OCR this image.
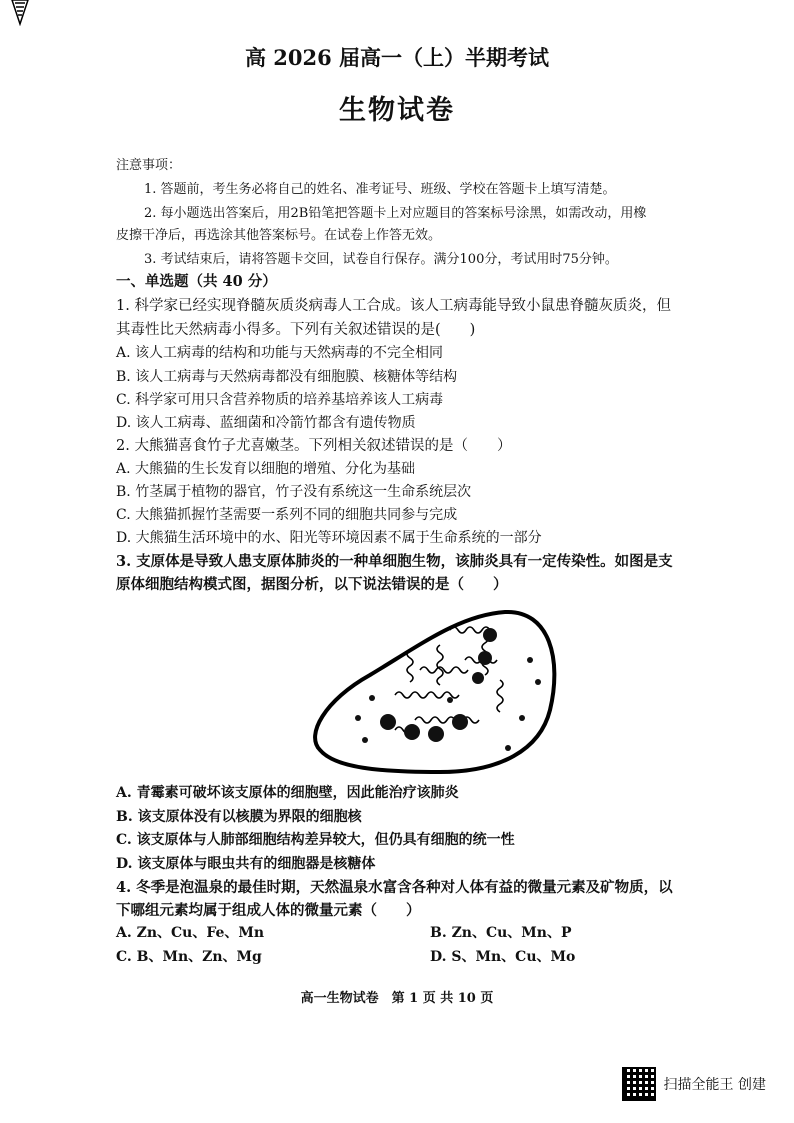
高 2026 届高一（上）半期考试
生物试卷
注意事项：
1. 答题前，考生务必将自己的姓名、准考证号、班级、学校在答题卡上填写清楚。
2. 每小题选出答案后，用2B铅笔把答题卡上对应题目的答案标号涂黑，如需改动，用橡
皮擦干净后，再选涂其他答案标号。在试卷上作答无效。
3. 考试结束后，请将答题卡交回，试卷自行保存。满分100分，考试用时75分钟。
一、单选题（共 40 分）
1. 科学家已经实现脊髓灰质炎病毒人工合成。该人工病毒能导致小鼠患脊髓灰质炎，但
其毒性比天然病毒小得多。下列有关叙述错误的是(　　)
A. 该人工病毒的结构和功能与天然病毒的不完全相同
B. 该人工病毒与天然病毒都没有细胞膜、核糖体等结构
C. 科学家可用只含营养物质的培养基培养该人工病毒
D. 该人工病毒、蓝细菌和冷箭竹都含有遗传物质
2. 大熊猫喜食竹子尤喜嫩茎。下列相关叙述错误的是（　　）
A. 大熊猫的生长发育以细胞的增殖、分化为基础
B. 竹茎属于植物的器官，竹子没有系统这一生命系统层次
C. 大熊猫抓握竹茎需要一系列不同的细胞共同参与完成
D. 大熊猫生活环境中的水、阳光等环境因素不属于生命系统的一部分
3. 支原体是导致人患支原体肺炎的一种单细胞生物，该肺炎具有一定传染性。如图是支
原体细胞结构模式图，据图分析，以下说法错误的是（　　）
A. 青霉素可破坏该支原体的细胞壁，因此能治疗该肺炎
B. 该支原体没有以核膜为界限的细胞核
C. 该支原体与人肺部细胞结构差异较大，但仍具有细胞的统一性
D. 该支原体与眼虫共有的细胞器是核糖体
4. 冬季是泡温泉的最佳时期，天然温泉水富含各种对人体有益的微量元素及矿物质，以
下哪组元素均属于组成人体的微量元素（　　）
A. Zn、Cu、Fe、Mn	B. Zn、Cu、Mn、P
C. B、Mn、Zn、Mg	D. S、Mn、Cu、Mo
高一生物试卷　第 1 页 共 10 页
扫描全能王 创建
